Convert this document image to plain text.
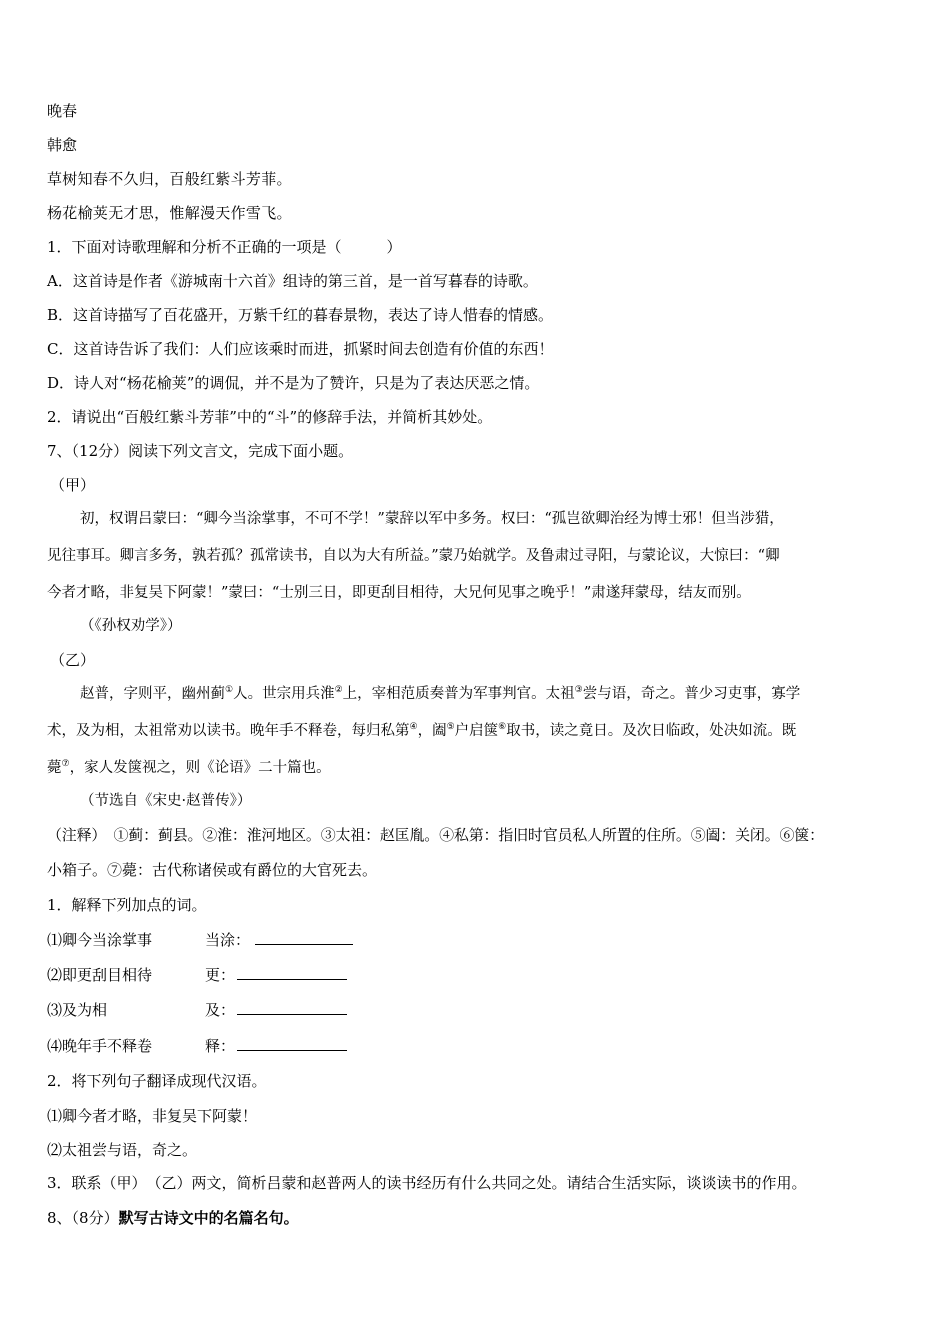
晚春
韩愈
草树知春不久归，百般红紫斗芳菲。
杨花榆荚无才思，惟解漫天作雪飞。
1．下面对诗歌理解和分析不正确的一项是（　　　）
A．这首诗是作者《游城南十六首》组诗的第三首，是一首写暮春的诗歌。
B．这首诗描写了百花盛开，万紫千红的暮春景物，表达了诗人惜春的情感。
C．这首诗告诉了我们：人们应该乘时而进，抓紧时间去创造有价值的东西！
D．诗人对“杨花榆荚”的调侃，并不是为了赞许，只是为了表达厌恶之情。
2．请说出“百般红紫斗芳菲”中的“斗”的修辞手法，并简析其妙处。
7、（12分）阅读下列文言文，完成下面小题。
（甲）
初，权谓吕蒙曰：“卿今当涂掌事，不可不学！”蒙辞以军中多务。权曰：“孤岂欲卿治经为博士邪！但当涉猎，
见往事耳。卿言多务，孰若孤？孤常读书，自以为大有所益。”蒙乃始就学。及鲁肃过寻阳，与蒙论议，大惊曰：“卿
今者才略，非复吴下阿蒙！”蒙曰：“士别三日，即更刮目相待，大兄何见事之晚乎！”肃遂拜蒙母，结友而别。
（《孙权劝学》）
（乙）
赵普，字则平，幽州蓟①人。世宗用兵淮②上，宰相范质奏普为军事判官。太祖③尝与语，奇之。普少习吏事，寡学
术，及为相，太祖常劝以读书。晚年手不释卷，每归私第④，阖⑤户启箧⑥取书，读之竟日。及次日临政，处决如流。既
薨⑦，家人发箧视之，则《论语》二十篇也。
（节选自《宋史·赵普传》）
（注释）　①蓟：蓟县。②淮：淮河地区。③太祖：赵匡胤。④私第：指旧时官员私人所置的住所。⑤阖：关闭。⑥箧：
小箱子。⑦薨：古代称诸侯或有爵位的大官死去。
1．解释下列加点的词。
⑴卿今当涂掌事	当涂：
⑵即更刮目相待	更：
⑶及为相	及：
⑷晚年手不释卷	释：
2．将下列句子翻译成现代汉语。
⑴卿今者才略，非复吴下阿蒙！
⑵太祖尝与语，奇之。
3．联系（甲）　（乙）两文，简析吕蒙和赵普两人的读书经历有什么共同之处。请结合生活实际，谈谈读书的作用。
8、（8分）默写古诗文中的名篇名句。
